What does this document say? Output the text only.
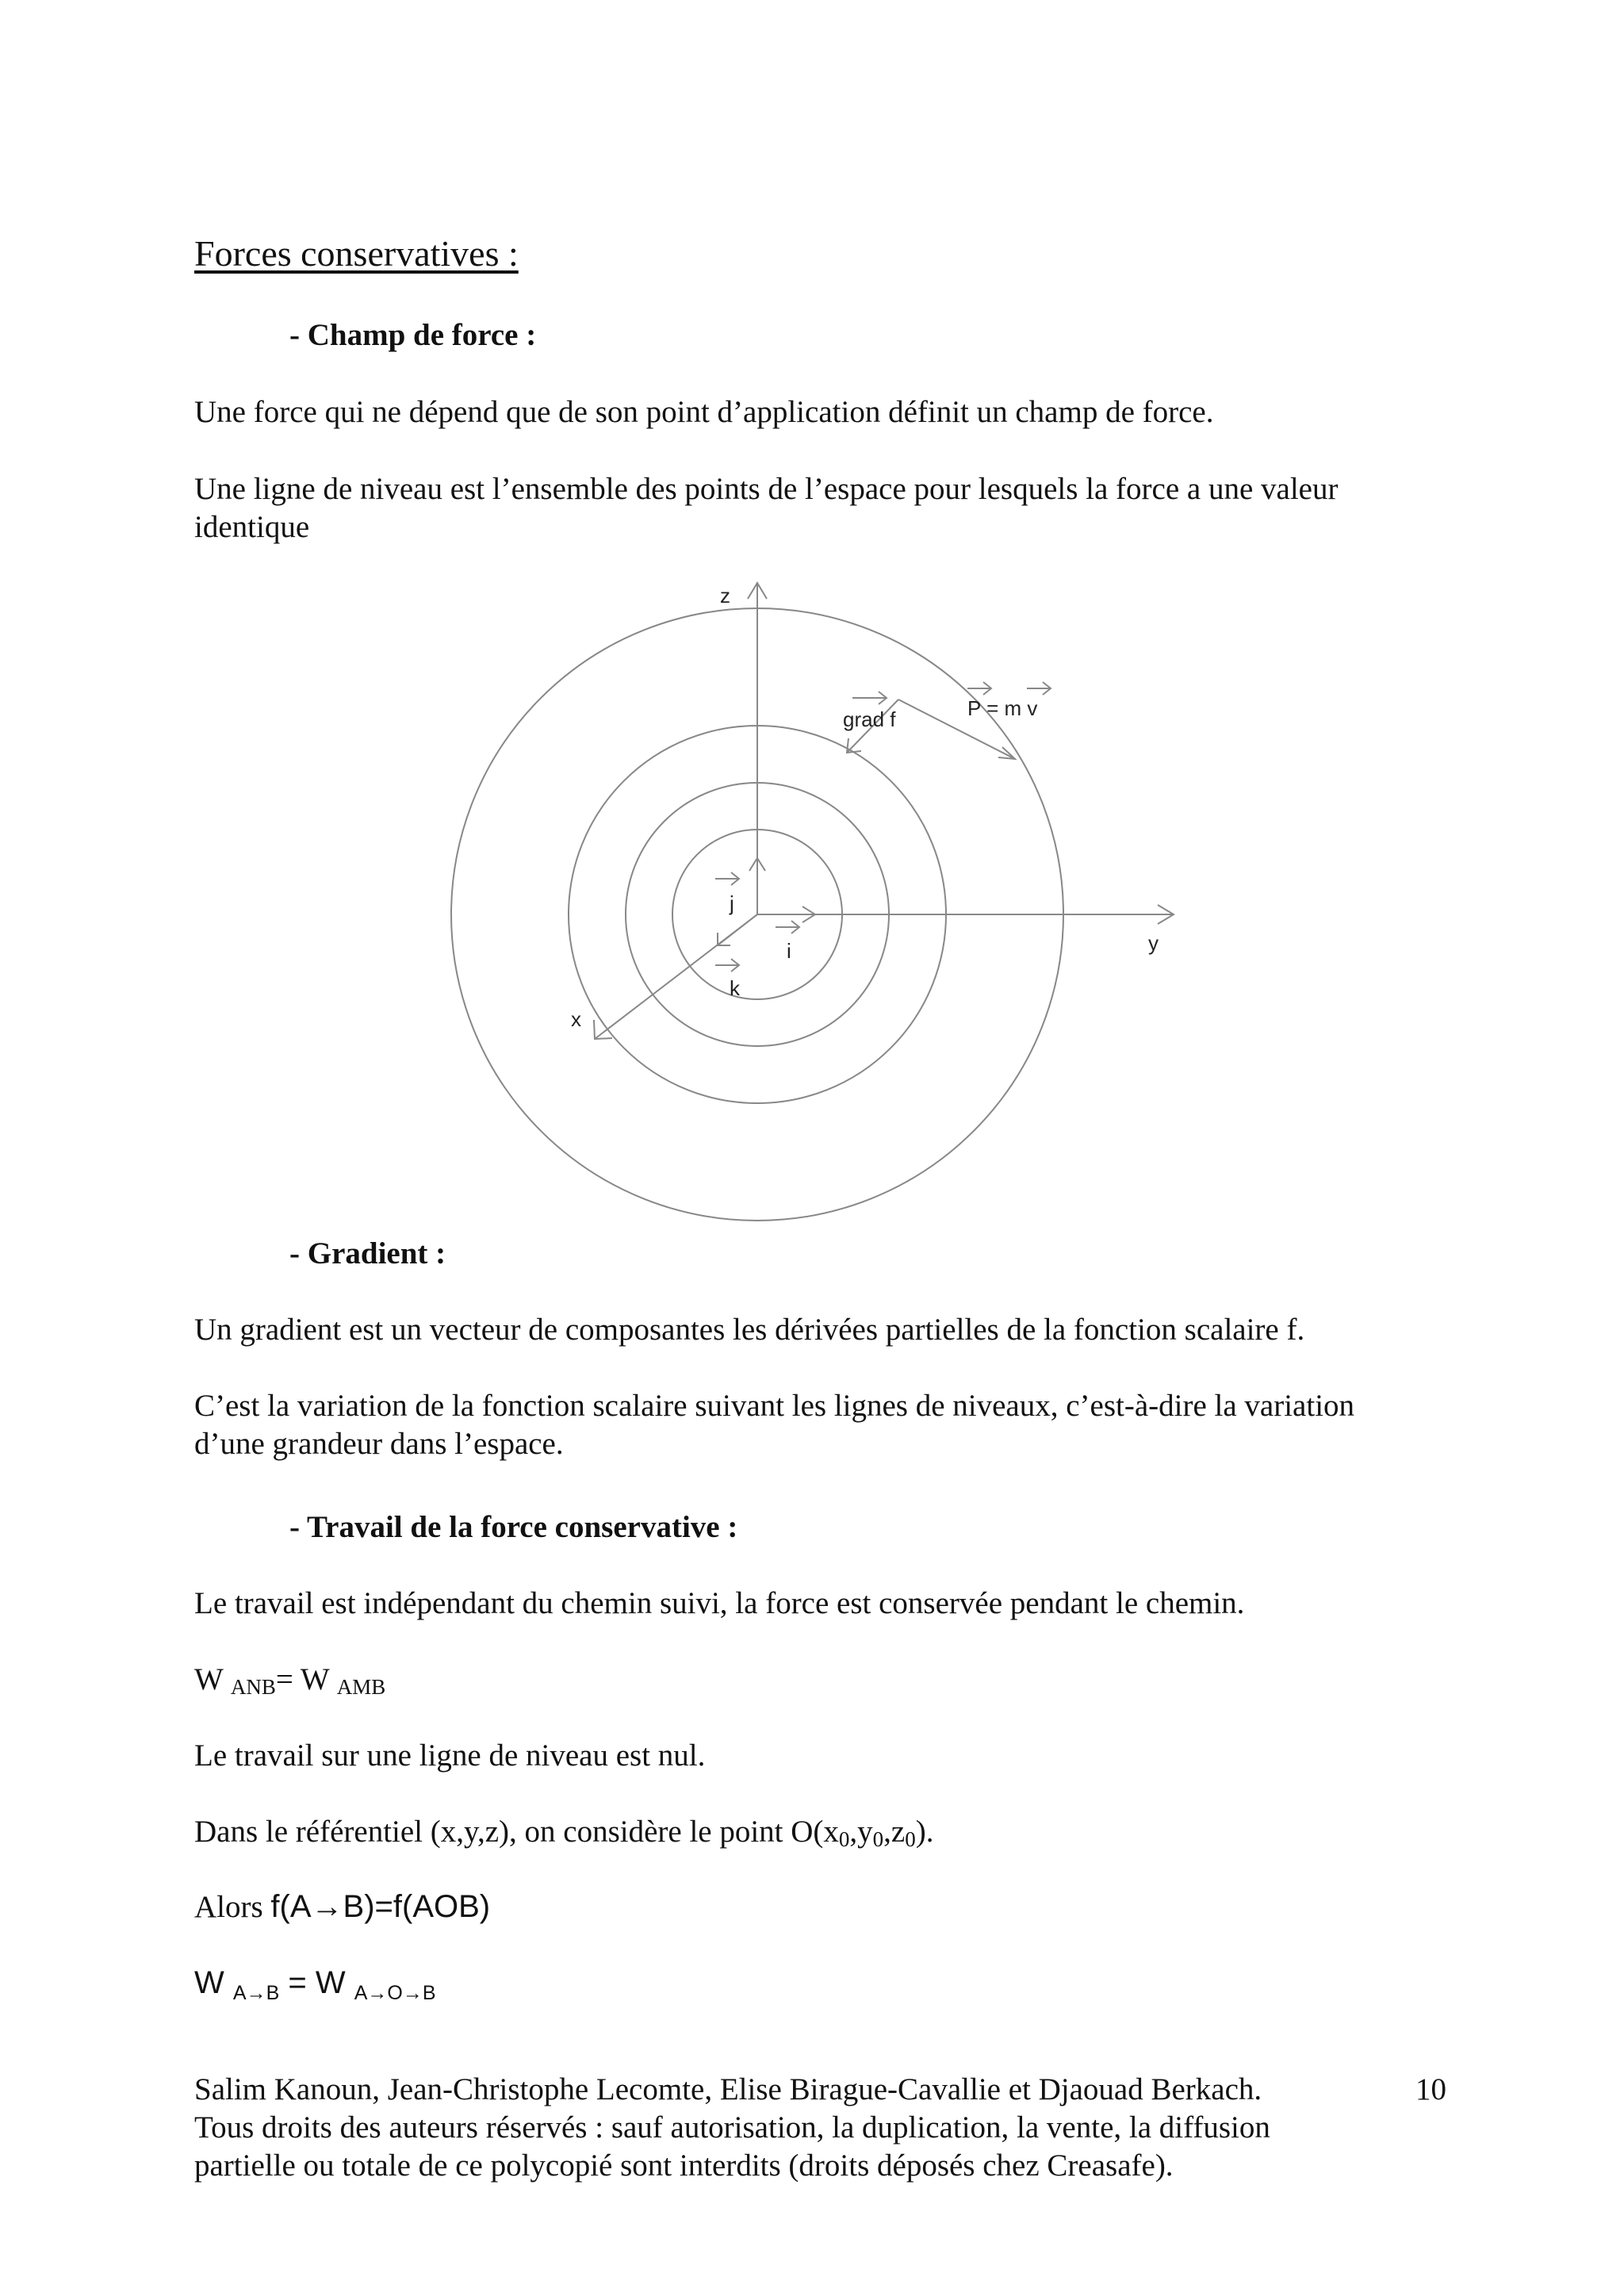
Forces conservatives :
- Champ de force :
Une force qui ne dépend que de son point d’application définit un champ de force.
Une ligne de niveau est l’ensemble des points de l’espace pour lesquels la force a une valeur
identique
z
y
x
j
i
k
grad f	P = m v
- Gradient :
Un gradient est un vecteur de composantes les dérivées partielles de la fonction scalaire f.
C’est la variation de la fonction scalaire suivant les lignes de niveaux, c’est-à-dire la variation
d’une grandeur dans l’espace.
- Travail de la force conservative :
Le travail est indépendant du chemin suivi, la force est conservée pendant le chemin.
W $_{ANB}$= W $_{AMB}$
Le travail sur une ligne de niveau est nul.
Dans le référentiel (x,y,z), on considère le point $O(x_0,y_0,z_0)$.
Alors f(A→B)=f(AOB)
W $_{A\to B}$ = W $_{A\to O\to B}$
Salim Kanoun, Jean-Christophe Lecomte, Elise Birague-Cavallie et Djaouad Berkach.
Tous droits des auteurs réservés : sauf autorisation, la duplication, la vente, la diffusion
partielle ou totale de ce polycopié sont interdits (droits déposés chez Creasafe).
10
